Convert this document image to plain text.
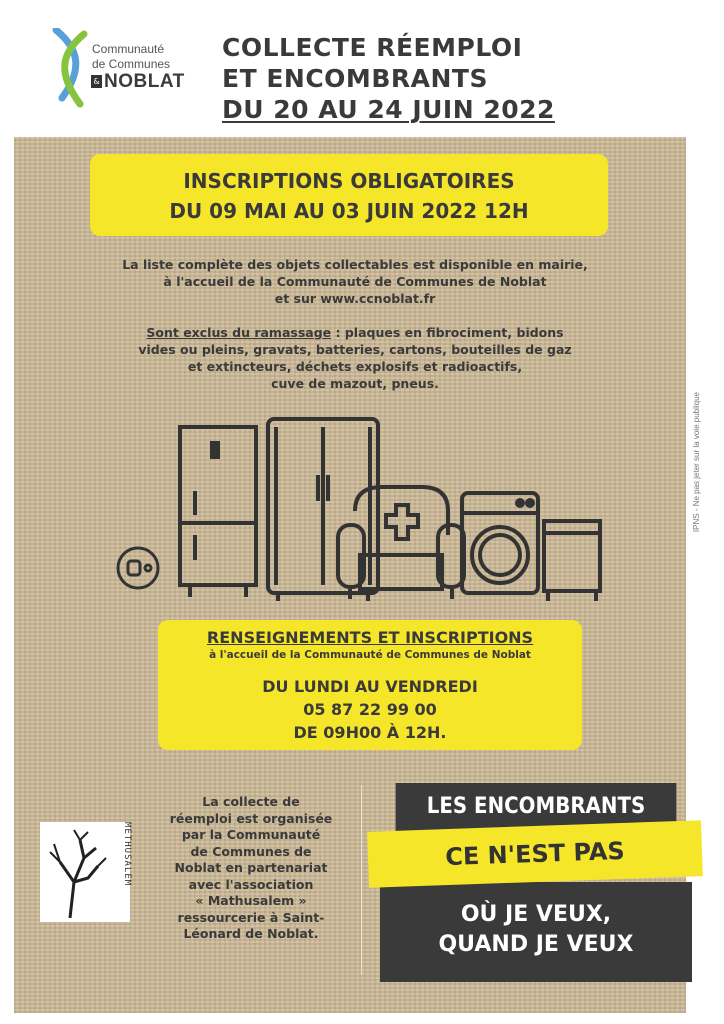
Communauté
de Communes
& NOBLAT
COLLECTE RÉEMPLOI
ET ENCOMBRANTS
DU 20 AU 24 JUIN 2022
INSCRIPTIONS OBLIGATOIRES
DU 09 MAI AU 03 JUIN 2022 12H
La liste complète des objets collectables est disponible en mairie,
à l'accueil de la Communauté de Communes de Noblat
et sur www.ccnoblat.fr
Sont exclus du ramassage : plaques en fibrociment, bidons
vides ou pleins, gravats, batteries, cartons, bouteilles de gaz
et extincteurs, déchets explosifs et radioactifs,
cuve de mazout, pneus.
RENSEIGNEMENTS ET INSCRIPTIONS
à l'accueil de la Communauté de Communes de Noblat
DU LUNDI AU VENDREDI
05 87 22 99 00
DE 09H00 À 12H.
IPNS - Ne pas jeter sur la voie publique
METHUSALEM
La collecte de
réemploi est organisée
par la Communauté
de Communes de
Noblat en partenariat
avec l'association
« Mathusalem »
ressourcerie à Saint-
Léonard de Noblat.
LES ENCOMBRANTS
OÙ JE VEUX,
QUAND JE VEUX
CE N'EST PAS
